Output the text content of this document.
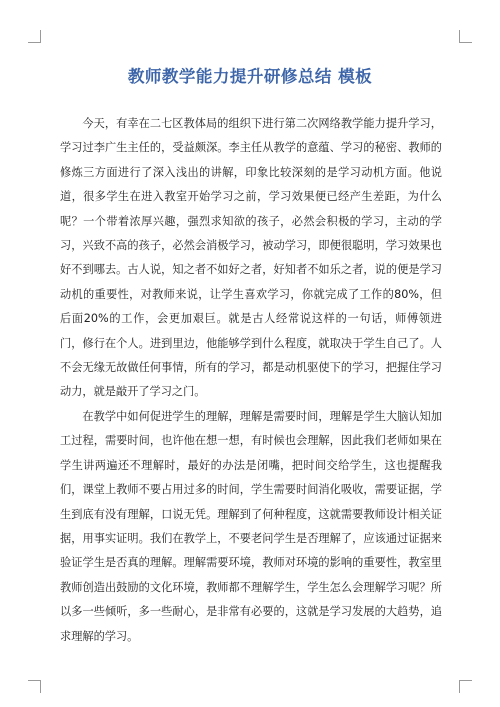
教师教学能力提升研修总结 模板

今天，有幸在二七区教体局的组织下进行第二次网络教学能力提升学习，学习过李广生主任的，受益颇深。李主任从教学的意蕴、学习的秘密、教师的修炼三方面进行了深入浅出的讲解，印象比较深刻的是学习动机方面。他说道，很多学生在进入教室开始学习之前，学习效果便已经产生差距，为什么呢？一个带着浓厚兴趣，强烈求知欲的孩子，必然会积极的学习，主动的学习，兴致不高的孩子，必然会消极学习，被动学习，即便很聪明，学习效果也好不到哪去。古人说，知之者不如好之者，好知者不如乐之者，说的便是学习动机的重要性，对教师来说，让学生喜欢学习，你就完成了工作的80%，但后面20%的工作，会更加艰巨。就是古人经常说这样的一句话，师傅领进门，修行在个人。进到里边，他能够学到什么程度，就取决于学生自己了。人不会无缘无故做任何事情，所有的学习，都是动机驱使下的学习，把握住学习动力，就是敲开了学习之门。

在教学中如何促进学生的理解，理解是需要时间，理解是学生大脑认知加工过程，需要时间，也许他在想一想，有时候也会理解，因此我们老师如果在学生讲两遍还不理解时，最好的办法是闭嘴，把时间交给学生，这也提醒我们，课堂上教师不要占用过多的时间，学生需要时间消化吸收，需要证据，学生到底有没有理解，口说无凭。理解到了何种程度，这就需要教师设计相关证据，用事实证明。我们在教学上，不要老问学生是否理解了，应该通过证据来验证学生是否真的理解。理解需要环境，教师对环境的影响的重要性，教室里教师创造出鼓励的文化环境，教师都不理解学生，学生怎么会理解学习呢？所以多一些倾听，多一些耐心，是非常有必要的，这就是学习发展的大趋势，追求理解的学习。
